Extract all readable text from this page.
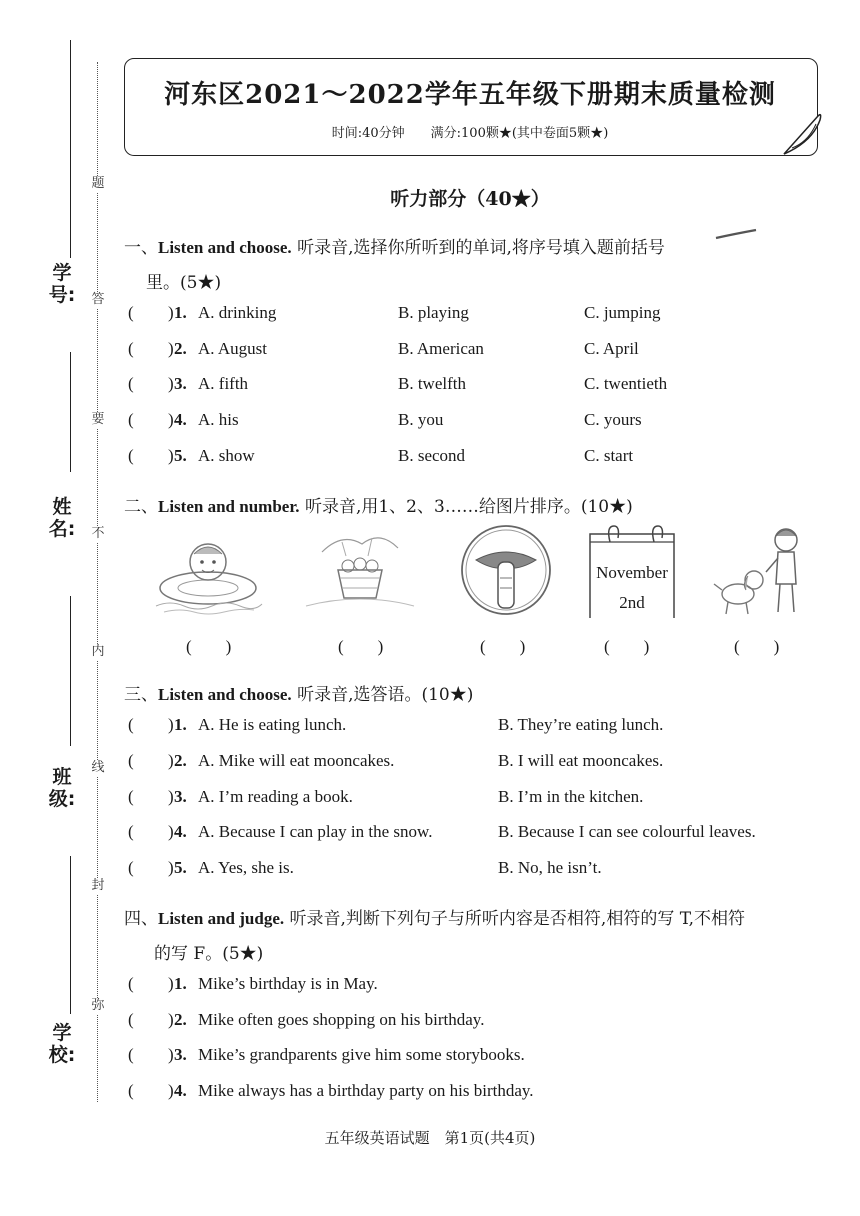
学号:
姓名:
班级:
学校:
题
答
要
不
内
线
封
弥
河东区2021～2022学年五年级下册期末质量检测
时间:40分钟　　满分:100颗★(其中卷面5颗★)
听力部分（40★）
一、Listen and choose. 听录音,选择你所听到的单词,将序号填入题前括号
里。(5★)
( ) 1. A. drinking	B. playing	C. jumping
( ) 2. A. August	B. American	C. April
( ) 3. A. fifth	B. twelfth	C. twentieth
( ) 4. A. his	B. you	C. yours
( ) 5. A. show	B. second	C. start
二、Listen and number. 听录音,用1、2、3……给图片排序。(10★)
November
2nd
(　　)	(　　)	(　　)	(　　)	(　　)
三、Listen and choose. 听录音,选答语。(10★)
( ) 1. A. He is eating lunch.	B. They’re eating lunch.
( ) 2. A. Mike will eat mooncakes.	B. I will eat mooncakes.
( ) 3. A. I’m reading a book.	B. I’m in the kitchen.
( ) 4. A. Because I can play in the snow.	B. Because I can see colourful leaves.
( ) 5. A. Yes, she is.	B. No, he isn’t.
四、Listen and judge. 听录音,判断下列句子与所听内容是否相符,相符的写 T,不相符
的写 F。(5★)
( ) 1. Mike’s birthday is in May.
( ) 2. Mike often goes shopping on his birthday.
( ) 3. Mike’s grandparents give him some storybooks.
( ) 4. Mike always has a birthday party on his birthday.
五年级英语试题　第1页(共4页)
